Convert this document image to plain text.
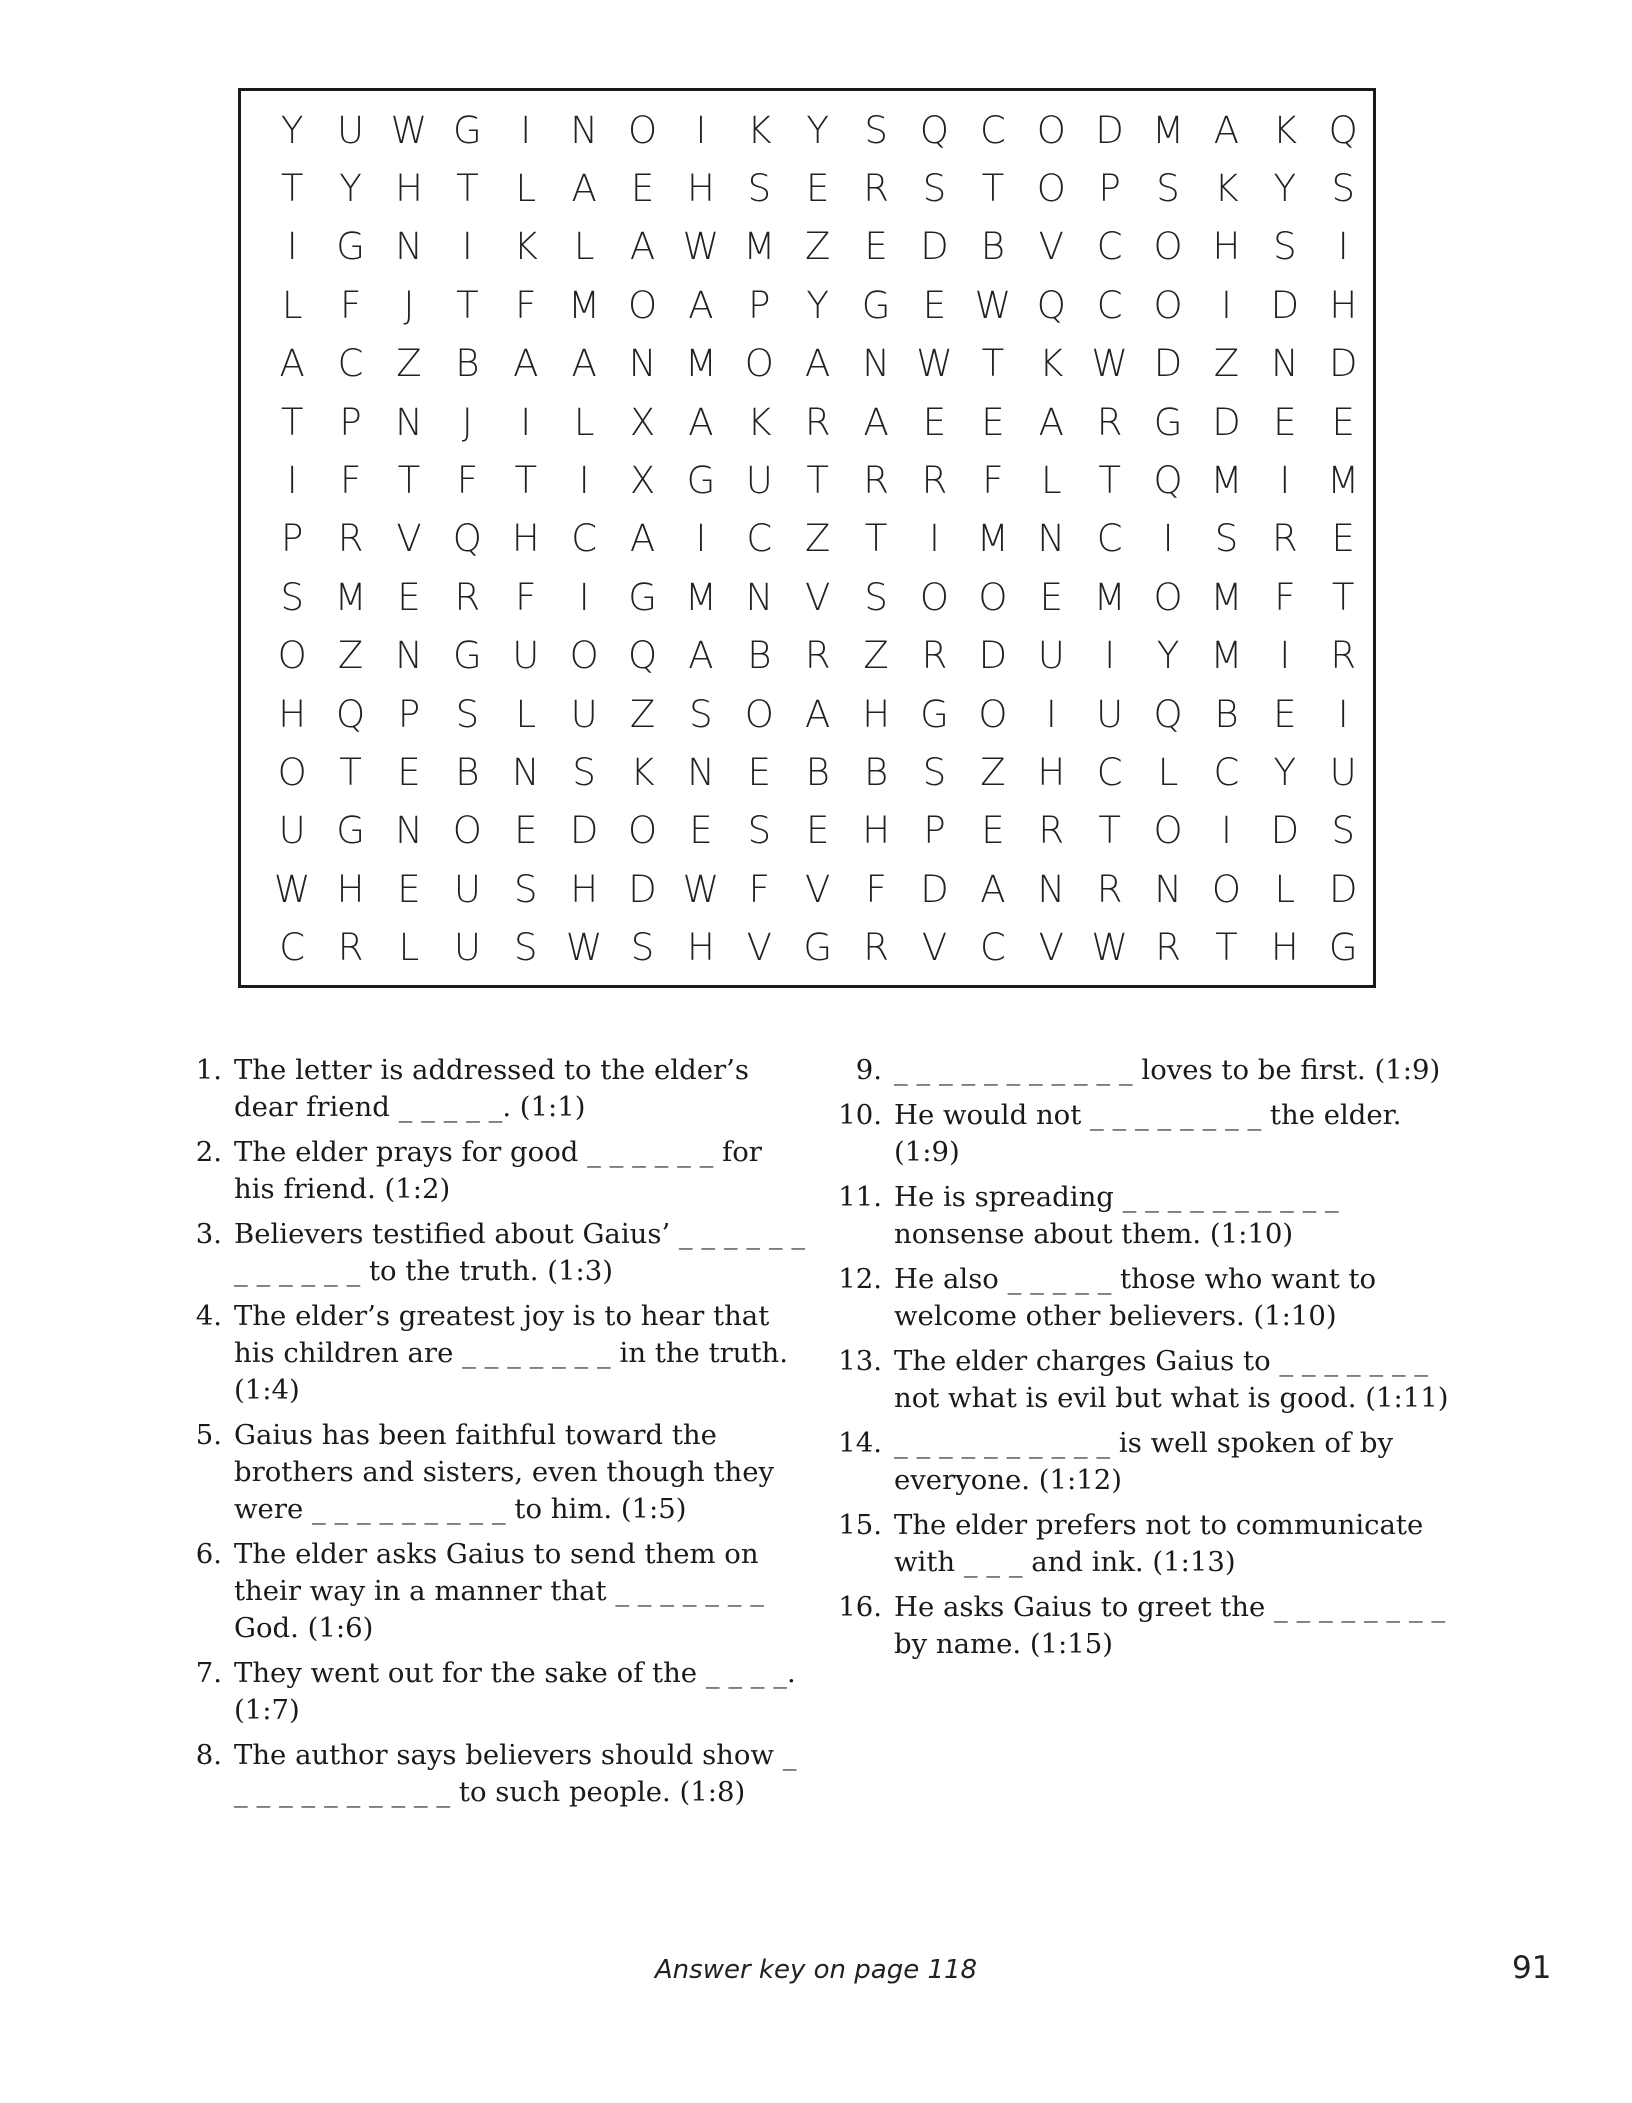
Y U W G	I	N O	I	K Y S Q C O D M A K Q
T Y H T L A E H S E R S T O P S K Y S
I	G N	I	K L A W M Z E D B V C O H S	I
L	F	J	T F M O A P Y G E W Q C O	I	D H
A C Z B A A N M O A N W T K W D Z N D
T P N	J	I	L X A K R A E E A R G D E E
I	F T F T	I	X G U T R R F	L T Q M I M
P R V Q H C A	I	C Z T	I M N C	I	S R E
S M E R F	I	G M N V S O O E M O M F T
O Z N G U O Q A B R Z R D U	I	Y M I	R
H Q P S L U Z S O A H G O	I	U Q B E	I
O T E B N S K N E B B S Z H C L C Y U
U G N O E D O E S E H P E R T O	I	D S
W H E U S H D W F V F D A N R N O L D
C R L U S W S H V G R V C V W R T H G
1. The letter is addressed to the elder’s dear friend _ _ _ _ _. (1:1)
2. The elder prays for good _ _ _ _ _ _ for his friend. (1:2)
3. Believers testified about Gaius’ _ _ _ _ _ _ _ _ _ _ _ _ to the truth. (1:3)
4. The elder’s greatest joy is to hear that his children are _ _ _ _ _ _ _ in the truth. (1:4)
5. Gaius has been faithful toward the brothers and sisters, even though they were _ _ _ _ _ _ _ _ _ to him. (1:5)
6. The elder asks Gaius to send them on their way in a manner that _ _ _ _ _ _ _ God. (1:6)
7. They went out for the sake of the _ _ _ _. (1:7)
8. The author says believers should show _ _ _ _ _ _ _ _ _ _ _ to such people. (1:8)
9. _ _ _ _ _ _ _ _ _ _ _ loves to be first. (1:9)
10. He would not _ _ _ _ _ _ _ _ the elder. (1:9)
11. He is spreading _ _ _ _ _ _ _ _ _ _ nonsense about them. (1:10)
12. He also _ _ _ _ _ those who want to welcome other believers. (1:10)
13. The elder charges Gaius to _ _ _ _ _ _ _ not what is evil but what is good. (1:11)
14. _ _ _ _ _ _ _ _ _ _ is well spoken of by everyone. (1:12)
15. The elder prefers not to communicate with _ _ _ and ink. (1:13)
16. He asks Gaius to greet the _ _ _ _ _ _ _ _ by name. (1:15)
Answer key on page 118	91
